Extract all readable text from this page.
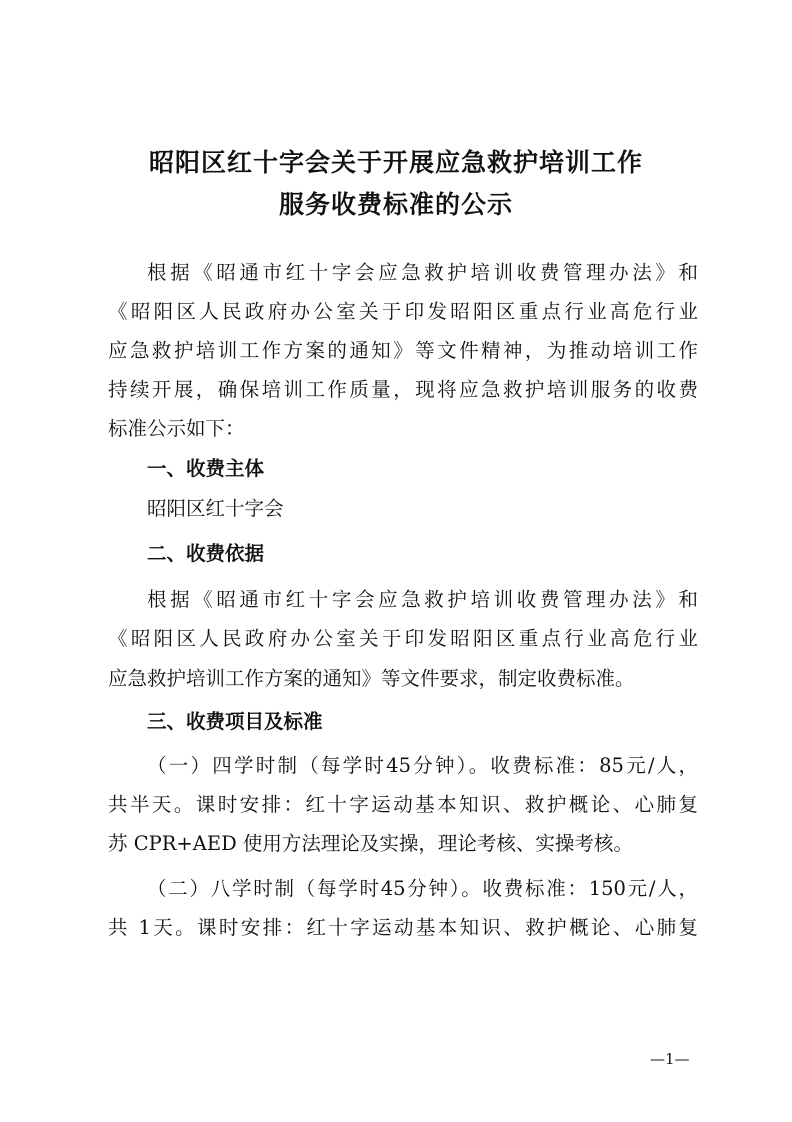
昭阳区红十字会关于开展应急救护培训工作
服务收费标准的公示
根据《昭通市红十字会应急救护培训收费管理办法》和
《昭阳区人民政府办公室关于印发昭阳区重点行业高危行业
应急救护培训工作方案的通知》等文件精神，为推动培训工作
持续开展，确保培训工作质量，现将应急救护培训服务的收费
标准公示如下：
一、收费主体
昭阳区红十字会
二、收费依据
根据《昭通市红十字会应急救护培训收费管理办法》和
《昭阳区人民政府办公室关于印发昭阳区重点行业高危行业
应急救护培训工作方案的通知》等文件要求，制定收费标准。
三、收费项目及标准
（一）四学时制（每学时45分钟）。收费标准：85元/人，
共半天。课时安排：红十字运动基本知识、救护概论、心肺复
苏 CPR+AED 使用方法理论及实操，理论考核、实操考核。
（二）八学时制（每学时45分钟）。收费标准：150元/人，
共 1天。课时安排：红十字运动基本知识、救护概论、心肺复
—1—
